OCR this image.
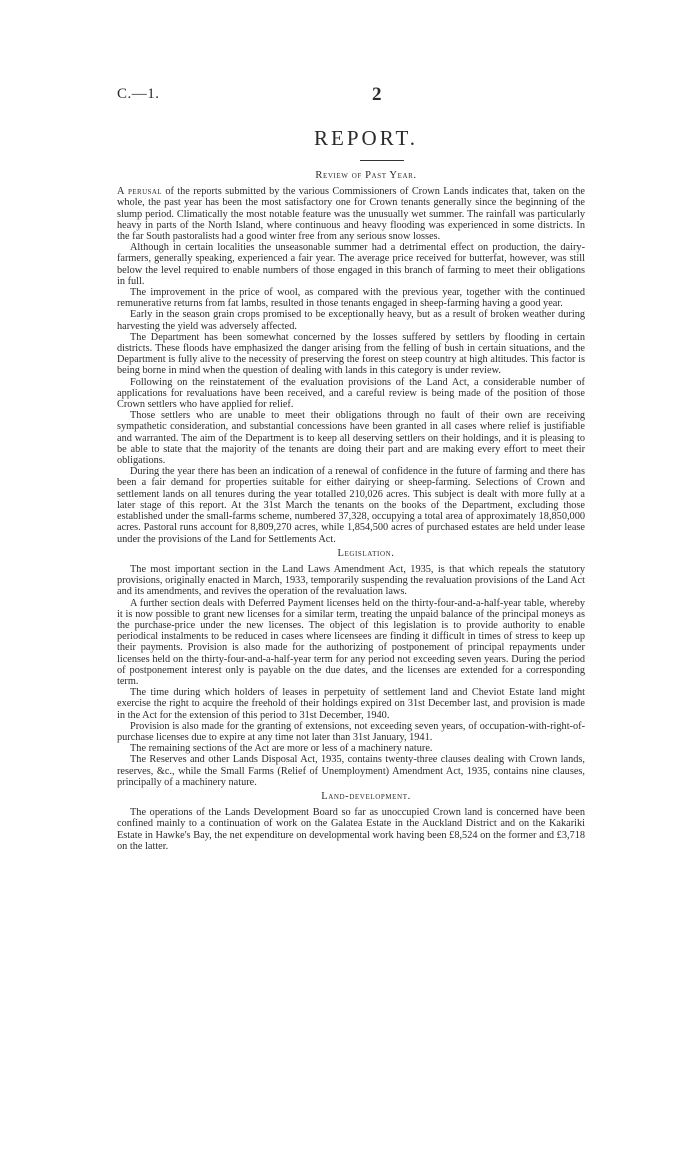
C.—1.	2
REPORT.
Review of Past Year.

A perusal of the reports submitted by the various Commissioners of Crown Lands indicates that, taken on the whole, the past year has been the most satisfactory one for Crown tenants generally since the beginning of the slump period. Climatically the most notable feature was the unusually wet summer. The rainfall was particularly heavy in parts of the North Island, where continuous and heavy flooding was experienced in some districts. In the far South pastoralists had a good winter free from any serious snow losses.

Although in certain localities the unseasonable summer had a detrimental effect on production, the dairy-farmers, generally speaking, experienced a fair year. The average price received for butterfat, however, was still below the level required to enable numbers of those engaged in this branch of farming to meet their obligations in full.

The improvement in the price of wool, as compared with the previous year, together with the continued remunerative returns from fat lambs, resulted in those tenants engaged in sheep-farming having a good year.

Early in the season grain crops promised to be exceptionally heavy, but as a result of broken weather during harvesting the yield was adversely affected.

The Department has been somewhat concerned by the losses suffered by settlers by flooding in certain districts. These floods have emphasized the danger arising from the felling of bush in certain situations, and the Department is fully alive to the necessity of preserving the forest on steep country at high altitudes. This factor is being borne in mind when the question of dealing with lands in this category is under review.

Following on the reinstatement of the evaluation provisions of the Land Act, a considerable number of applications for revaluations have been received, and a careful review is being made of the position of those Crown settlers who have applied for relief.

Those settlers who are unable to meet their obligations through no fault of their own are receiving sympathetic consideration, and substantial concessions have been granted in all cases where relief is justifiable and warranted. The aim of the Department is to keep all deserving settlers on their holdings, and it is pleasing to be able to state that the majority of the tenants are doing their part and are making every effort to meet their obligations.

During the year there has been an indication of a renewal of confidence in the future of farming and there has been a fair demand for properties suitable for either dairying or sheep-farming. Selections of Crown and settlement lands on all tenures during the year totalled 210,026 acres. This subject is dealt with more fully at a later stage of this report. At the 31st March the tenants on the books of the Department, excluding those established under the small-farms scheme, numbered 37,328, occupying a total area of approximately 18,850,000 acres. Pastoral runs account for 8,809,270 acres, while 1,854,500 acres of purchased estates are held under lease under the provisions of the Land for Settlements Act.

Legislation.

The most important section in the Land Laws Amendment Act, 1935, is that which repeals the statutory provisions, originally enacted in March, 1933, temporarily suspending the revaluation provisions of the Land Act and its amendments, and revives the operation of the revaluation laws.

A further section deals with Deferred Payment licenses held on the thirty-four-and-a-half-year table, whereby it is now possible to grant new licenses for a similar term, treating the unpaid balance of the principal moneys as the purchase-price under the new licenses. The object of this legislation is to provide authority to enable periodical instalments to be reduced in cases where licensees are finding it difficult in times of stress to keep up their payments. Provision is also made for the authorizing of postponement of principal repayments under licenses held on the thirty-four-and-a-half-year term for any period not exceeding seven years. During the period of postponement interest only is payable on the due dates, and the licenses are extended for a corresponding term.

The time during which holders of leases in perpetuity of settlement land and Cheviot Estate land might exercise the right to acquire the freehold of their holdings expired on 31st December last, and provision is made in the Act for the extension of this period to 31st December, 1940.

Provision is also made for the granting of extensions, not exceeding seven years, of occupation-with-right-of-purchase licenses due to expire at any time not later than 31st January, 1941.

The remaining sections of the Act are more or less of a machinery nature.

The Reserves and other Lands Disposal Act, 1935, contains twenty-three clauses dealing with Crown lands, reserves, &c., while the Small Farms (Relief of Unemployment) Amendment Act, 1935, contains nine clauses, principally of a machinery nature.

Land-development.

The operations of the Lands Development Board so far as unoccupied Crown land is concerned have been confined mainly to a continuation of work on the Galatea Estate in the Auckland District and on the Kakariki Estate in Hawke's Bay, the net expenditure on developmental work having been £8,524 on the former and £3,718 on the latter.
